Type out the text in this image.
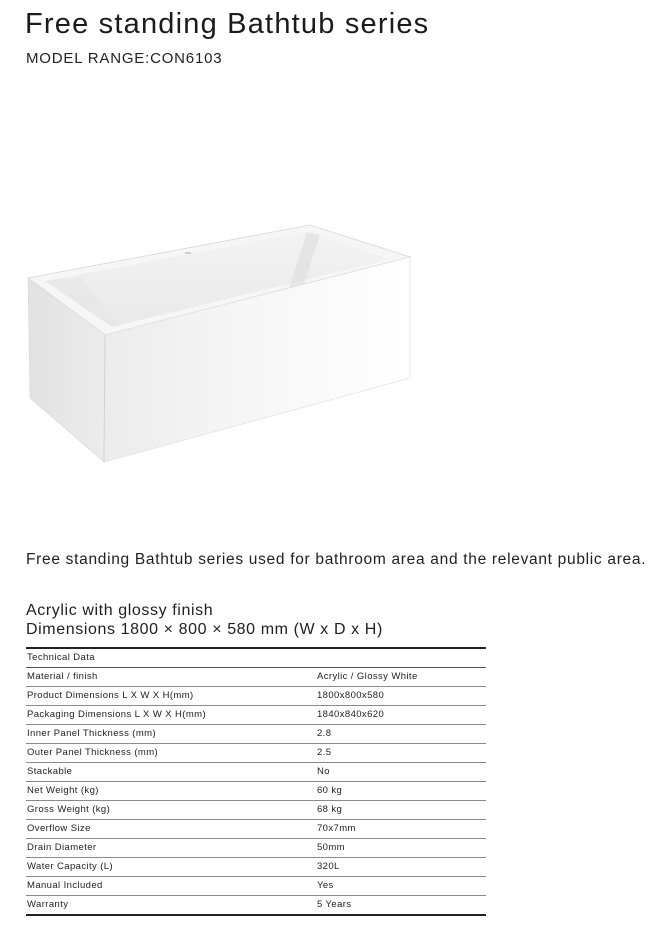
Free standing Bathtub series
MODEL RANGE:CON6103
Free standing Bathtub series used for bathroom area and the relevant public area.
Acrylic with glossy finish
Dimensions 1800 × 800 × 580 mm (W x D x H)
Technical Data
Material / finish	Acrylic / Glossy White
Product Dimensions L X W X H(mm)	1800x800x580
Packaging Dimensions L X W X H(mm)	1840x840x620
Inner Panel Thickness (mm)	2.8
Outer Panel Thickness (mm)	2.5
Stackable	No
Net Weight (kg)	60 kg
Gross Weight (kg)	68 kg
Overflow Size	70x7mm
Drain Diameter	50mm
Water Capacity (L)	320L
Manual Included	Yes
Warranty	5 Years
